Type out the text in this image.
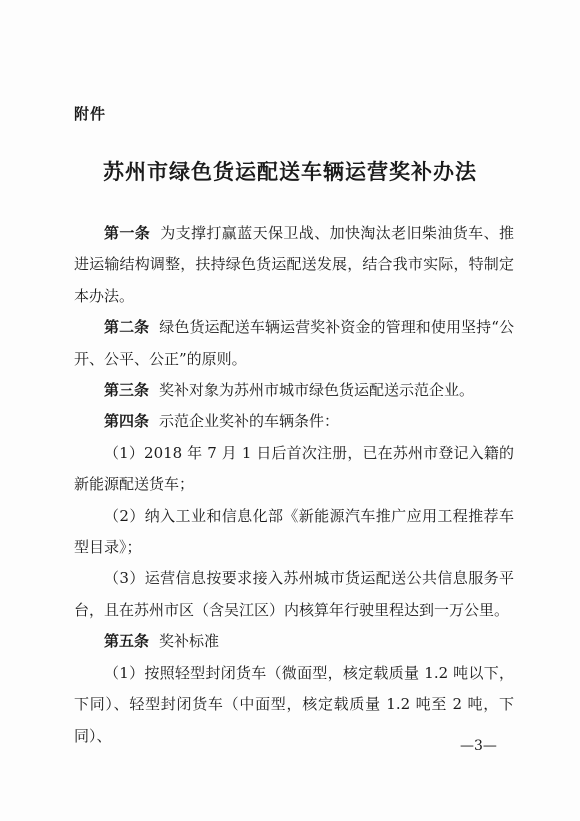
附件
苏州市绿色货运配送车辆运营奖补办法

第一条 为支撑打赢蓝天保卫战、加快淘汰老旧柴油货车、推进运输结构调整，扶持绿色货运配送发展，结合我市实际，特制定本办法。

第二条 绿色货运配送车辆运营奖补资金的管理和使用坚持“公开、公平、公正”的原则。

第三条 奖补对象为苏州市城市绿色货运配送示范企业。

第四条 示范企业奖补的车辆条件：

（1）2018 年 7 月 1 日后首次注册，已在苏州市登记入籍的新能源配送货车；

（2）纳入工业和信息化部《新能源汽车推广应用工程推荐车型目录》；

（3）运营信息按要求接入苏州城市货运配送公共信息服务平台，且在苏州市区（含吴江区）内核算年行驶里程达到一万公里。

第五条 奖补标准

（1）按照轻型封闭货车（微面型，核定载质量 1.2 吨以下，下同）、轻型封闭货车（中面型，核定载质量 1.2 吨至 2 吨，下同）、

—3—
